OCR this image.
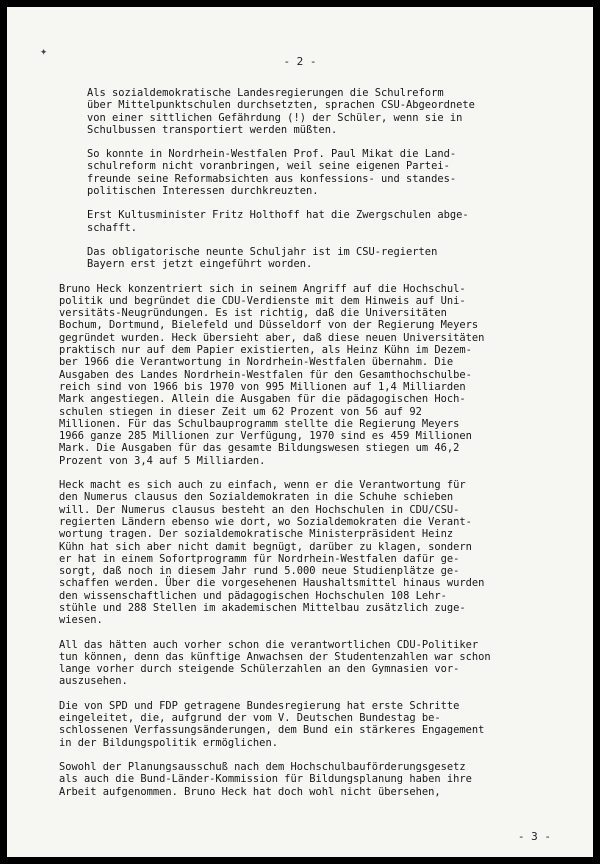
✦
- 2 -
Als sozialdemokratische Landesregierungen die Schulreform
über Mittelpunktschulen durchsetzten, sprachen CSU-Abgeordnete
von einer sittlichen Gefährdung (!) der Schüler, wenn sie in
Schulbussen transportiert werden müßten.
So konnte in Nordrhein-Westfalen Prof. Paul Mikat die Land-
schulreform nicht voranbringen, weil seine eigenen Partei-
freunde seine Reformabsichten aus konfessions- und standes-
politischen Interessen durchkreuzten.
Erst Kultusminister Fritz Holthoff hat die Zwergschulen abge-
schafft.
Das obligatorische neunte Schuljahr ist im CSU-regierten
Bayern erst jetzt eingeführt worden.
Bruno Heck konzentriert sich in seinem Angriff auf die Hochschul-
politik und begründet die CDU-Verdienste mit dem Hinweis auf Uni-
versitäts-Neugründungen. Es ist richtig, daß die Universitäten
Bochum, Dortmund, Bielefeld und Düsseldorf von der Regierung Meyers
gegründet wurden. Heck übersieht aber, daß diese neuen Universitäten
praktisch nur auf dem Papier existierten, als Heinz Kühn im Dezem-
ber 1966 die Verantwortung in Nordrhein-Westfalen übernahm. Die
Ausgaben des Landes Nordrhein-Westfalen für den Gesamthochschulbe-
reich sind von 1966 bis 1970 von 995 Millionen auf 1,4 Milliarden
Mark angestiegen. Allein die Ausgaben für die pädagogischen Hoch-
schulen stiegen in dieser Zeit um 62 Prozent von 56 auf 92
Millionen. Für das Schulbauprogramm stellte die Regierung Meyers
1966 ganze 285 Millionen zur Verfügung, 1970 sind es 459 Millionen
Mark. Die Ausgaben für das gesamte Bildungswesen stiegen um 46,2
Prozent von 3,4 auf 5 Milliarden.
Heck macht es sich auch zu einfach, wenn er die Verantwortung für
den Numerus clausus den Sozialdemokraten in die Schuhe schieben
will. Der Numerus clausus besteht an den Hochschulen in CDU/CSU-
regierten Ländern ebenso wie dort, wo Sozialdemokraten die Verant-
wortung tragen. Der sozialdemokratische Ministerpräsident Heinz
Kühn hat sich aber nicht damit begnügt, darüber zu klagen, sondern
er hat in einem Sofortprogramm für Nordrhein-Westfalen dafür ge-
sorgt, daß noch in diesem Jahr rund 5.000 neue Studienplätze ge-
schaffen werden. Über die vorgesehenen Haushaltsmittel hinaus wurden
den wissenschaftlichen und pädagogischen Hochschulen 108 Lehr-
stühle und 288 Stellen im akademischen Mittelbau zusätzlich zuge-
wiesen.
All das hätten auch vorher schon die verantwortlichen CDU-Politiker
tun können, denn das künftige Anwachsen der Studentenzahlen war schon
lange vorher durch steigende Schülerzahlen an den Gymnasien vor-
auszusehen.
Die von SPD und FDP getragene Bundesregierung hat erste Schritte
eingeleitet, die, aufgrund der vom V. Deutschen Bundestag be-
schlossenen Verfassungsänderungen, dem Bund ein stärkeres Engagement
in der Bildungspolitik ermöglichen.
Sowohl der Planungsausschuß nach dem Hochschulbauförderungsgesetz
als auch die Bund-Länder-Kommission für Bildungsplanung haben ihre
Arbeit aufgenommen. Bruno Heck hat doch wohl nicht übersehen,
- 3 -
